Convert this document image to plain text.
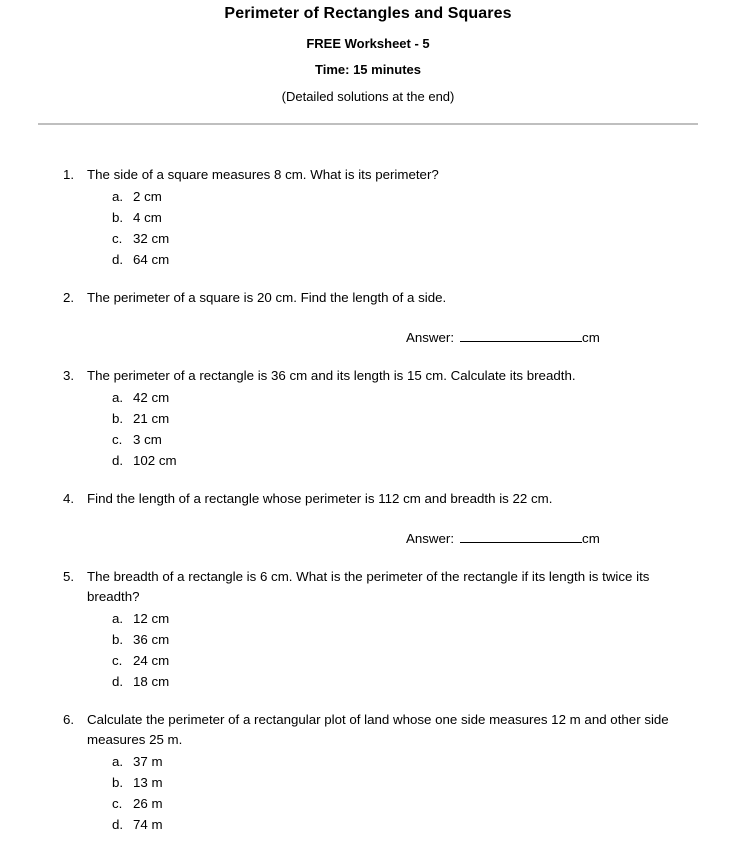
Perimeter of Rectangles and Squares
FREE Worksheet - 5
Time: 15 minutes
(Detailed solutions at the end)
1. The side of a square measures 8 cm. What is its perimeter?
a. 2 cm
b. 4 cm
c. 32 cm
d. 64 cm
2. The perimeter of a square is 20 cm. Find the length of a side.
Answer:	cm
3. The perimeter of a rectangle is 36 cm and its length is 15 cm. Calculate its breadth.
a. 42 cm
b. 21 cm
c. 3 cm
d. 102 cm
4. Find the length of a rectangle whose perimeter is 112 cm and breadth is 22 cm.
Answer:	cm
5. The breadth of a rectangle is 6 cm. What is the perimeter of the rectangle if its length is twice its breadth?
a. 12 cm
b. 36 cm
c. 24 cm
d. 18 cm
6. Calculate the perimeter of a rectangular plot of land whose one side measures 12 m and other side measures 25 m.
a. 37 m
b. 13 m
c. 26 m
d. 74 m
